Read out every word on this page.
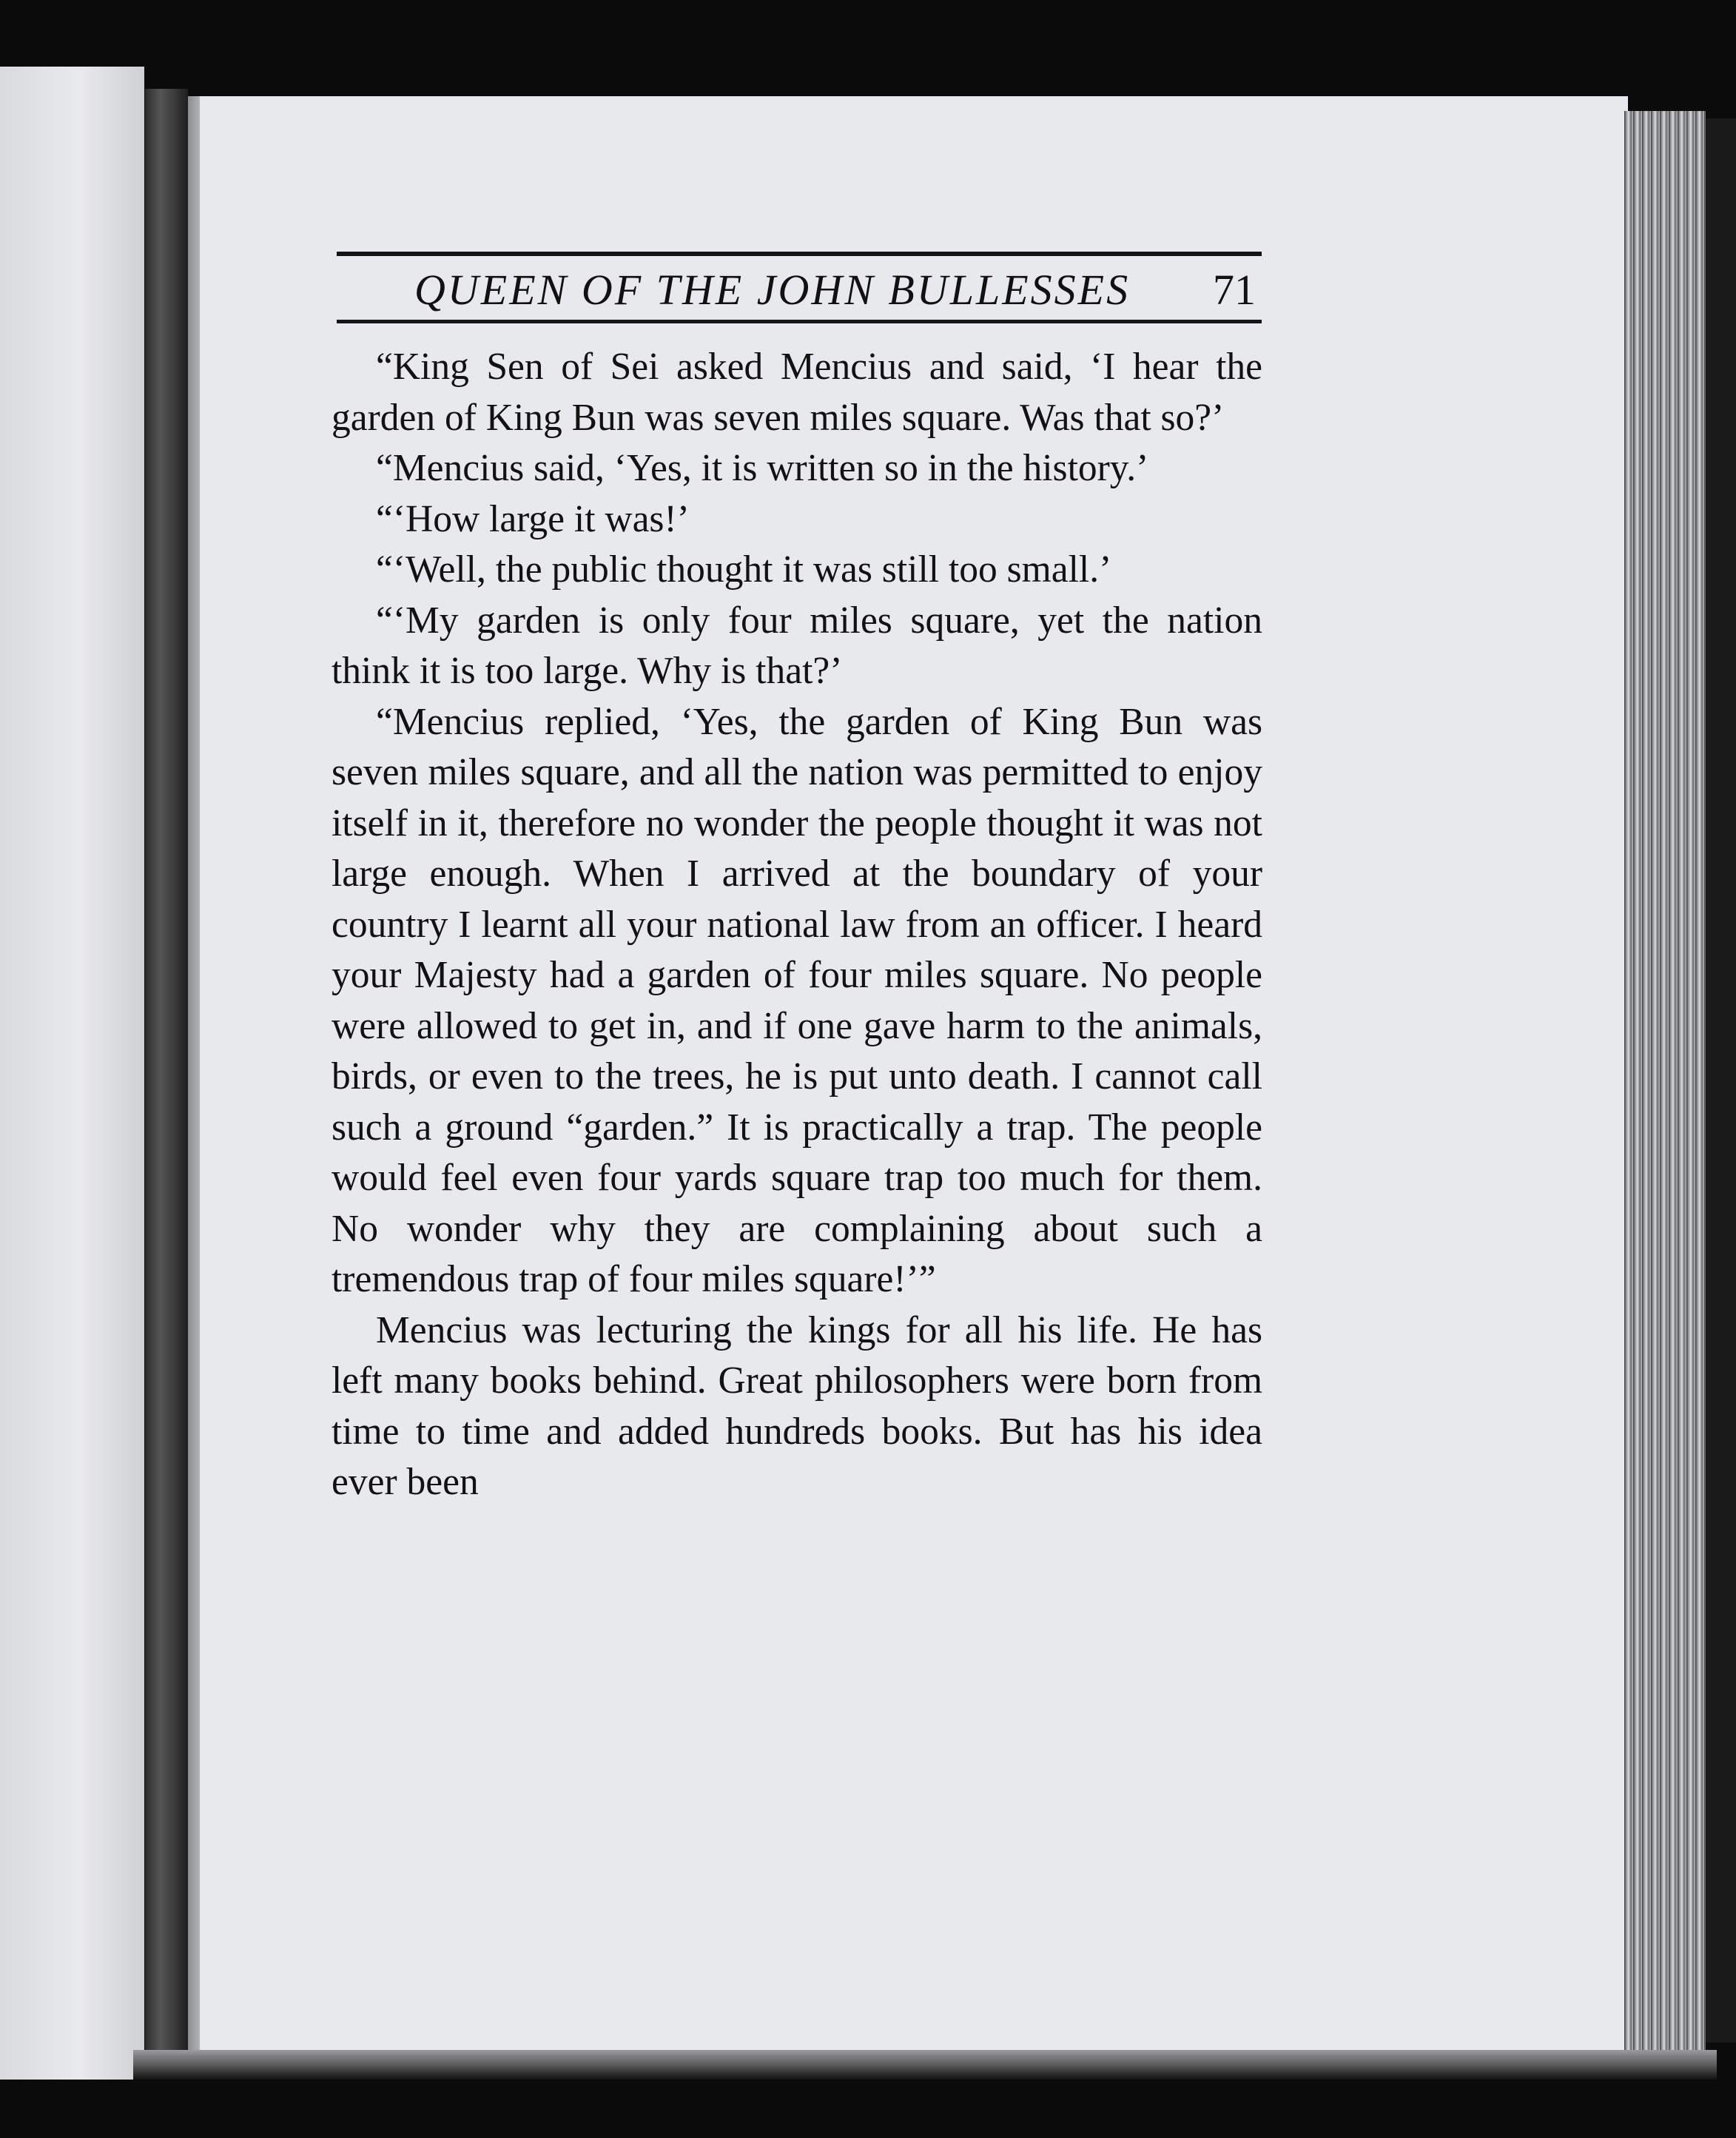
QUEEN OF THE JOHN BULLESSES 71

“King Sen of Sei asked Mencius and said, ‘I hear the garden of King Bun was seven miles square. Was that so?’

“Mencius said, ‘Yes, it is written so in the history.’

“‘How large it was!’

“‘Well, the public thought it was still too small.’

“‘My garden is only four miles square, yet the nation think it is too large. Why is that?’

“Mencius replied, ‘Yes, the garden of King Bun was seven miles square, and all the nation was permitted to enjoy itself in it, therefore no wonder the people thought it was not large enough. When I arrived at the boundary of your country I learnt all your national law from an officer. I heard your Majesty had a garden of four miles square. No people were allowed to get in, and if one gave harm to the animals, birds, or even to the trees, he is put unto death. I cannot call such a ground “garden.” It is practically a trap. The people would feel even four yards square trap too much for them. No wonder why they are complaining about such a tremendous trap of four miles square!’”

Mencius was lecturing the kings for all his life. He has left many books behind. Great philosophers were born from time to time and added hundreds books. But has his idea ever been
